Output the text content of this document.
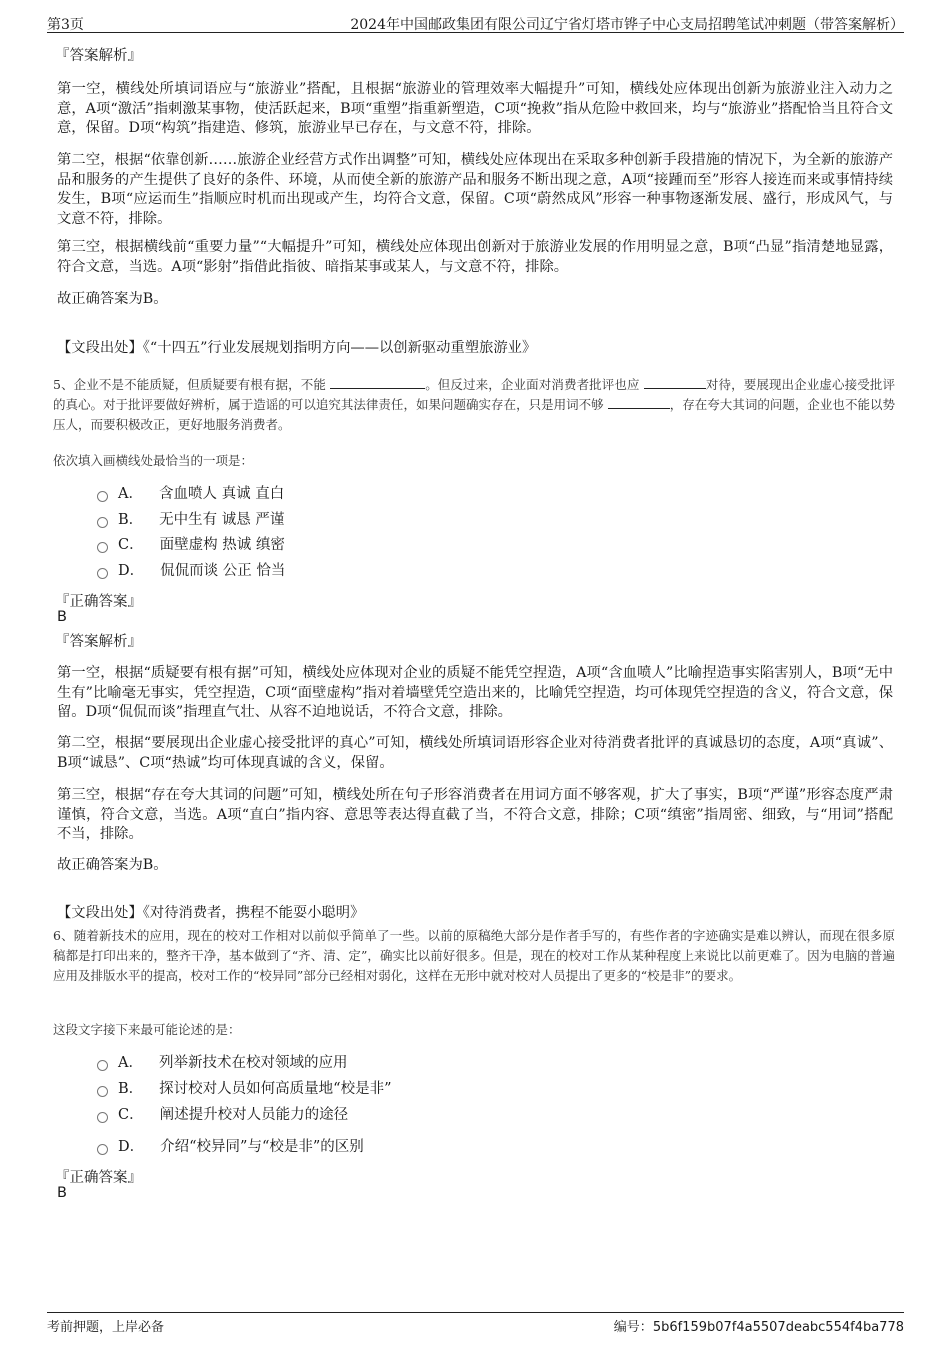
第3页	2024年中国邮政集团有限公司辽宁省灯塔市铧子中心支局招聘笔试冲刺题（带答案解析）
『答案解析』

第一空，横线处所填词语应与“旅游业”搭配，且根据“旅游业的管理效率大幅提升”可知，横线处应体现出创新为旅游业注入动力之意，A项“激活”指刺激某事物，使活跃起来，B项“重塑”指重新塑造，C项“挽救”指从危险中救回来，均与“旅游业”搭配恰当且符合文意，保留。D项“构筑”指建造、修筑，旅游业早已存在，与文意不符，排除。

第二空，根据“依靠创新……旅游企业经营方式作出调整”可知，横线处应体现出在采取多种创新手段措施的情况下，为全新的旅游产品和服务的产生提供了良好的条件、环境，从而使全新的旅游产品和服务不断出现之意，A项“接踵而至”形容人接连而来或事情持续发生，B项“应运而生”指顺应时机而出现或产生，均符合文意，保留。C项“蔚然成风”形容一种事物逐渐发展、盛行，形成风气，与文意不符，排除。

第三空，根据横线前“重要力量”“大幅提升”可知，横线处应体现出创新对于旅游业发展的作用明显之意，B项“凸显”指清楚地显露，符合文意，当选。A项“影射”指借此指彼、暗指某事或某人，与文意不符，排除。

故正确答案为B。

【文段出处】《“十四五”行业发展规划指明方向——以创新驱动重塑旅游业》

5、企业不是不能质疑，但质疑要有根有据，不能	。但反过来，企业面对消费者批评也应	对待，要展现出企业虚心接受批评的真心。对于批评要做好辨析，属于造谣的可以追究其法律责任，如果问题确实存在，只是用词不够	，存在夸大其词的问题，企业也不能以势压人，而要积极改正，更好地服务消费者。

依次填入画横线处最恰当的一项是：

A． 含血喷人 真诚 直白
B． 无中生有 诚恳 严谨
C． 面壁虚构 热诚 缜密
D． 侃侃而谈 公正 恰当
『正确答案』
B
『答案解析』

第一空，根据“质疑要有根有据”可知，横线处应体现对企业的质疑不能凭空捏造，A项“含血喷人”比喻捏造事实陷害别人，B项“无中生有”比喻毫无事实，凭空捏造，C项“面壁虚构”指对着墙壁凭空造出来的，比喻凭空捏造，均可体现凭空捏造的含义，符合文意，保留。D项“侃侃而谈”指理直气壮、从容不迫地说话，不符合文意，排除。

第二空，根据“要展现出企业虚心接受批评的真心”可知，横线处所填词语形容企业对待消费者批评的真诚恳切的态度，A项“真诚”、B项“诚恳”、C项“热诚”均可体现真诚的含义，保留。

第三空，根据“存在夸大其词的问题”可知，横线处所在句子形容消费者在用词方面不够客观，扩大了事实，B项“严谨”形容态度严肃谨慎，符合文意，当选。A项“直白”指内容、意思等表达得直截了当，不符合文意，排除；C项“缜密”指周密、细致，与“用词”搭配不当，排除。

故正确答案为B。

【文段出处】《对待消费者，携程不能耍小聪明》

6、随着新技术的应用，现在的校对工作相对以前似乎简单了一些。以前的原稿绝大部分是作者手写的，有些作者的字迹确实是难以辨认，而现在很多原稿都是打印出来的，整齐干净，基本做到了“齐、清、定”，确实比以前好很多。但是，现在的校对工作从某种程度上来说比以前更难了。因为电脑的普遍应用及排版水平的提高，校对工作的“校异同”部分已经相对弱化，这样在无形中就对校对人员提出了更多的“校是非”的要求。

这段文字接下来最可能论述的是：

A． 列举新技术在校对领域的应用
B． 探讨校对人员如何高质量地“校是非”
C． 阐述提升校对人员能力的途径
D． 介绍“校异同”与“校是非”的区别
『正确答案』
B
考前押题，上岸必备	编号：5b6f159b07f4a5507deabc554f4ba778
